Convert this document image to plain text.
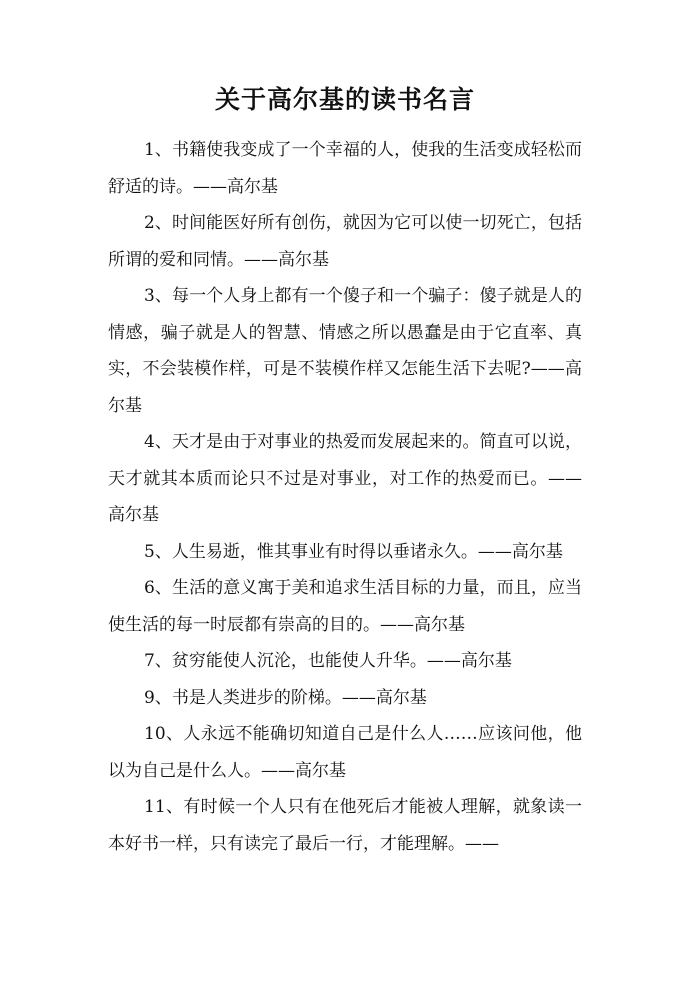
关于高尔基的读书名言

1、书籍使我变成了一个幸福的人，使我的生活变成轻松而舒适的诗。——高尔基

2、时间能医好所有创伤，就因为它可以使一切死亡，包括所谓的爱和同情。——高尔基

3、每一个人身上都有一个傻子和一个骗子：傻子就是人的情感，骗子就是人的智慧、情感之所以愚蠢是由于它直率、真实，不会装模作样，可是不装模作样又怎能生活下去呢?——高尔基

4、天才是由于对事业的热爱而发展起来的。简直可以说，天才就其本质而论只不过是对事业，对工作的热爱而已。——高尔基

5、人生易逝，惟其事业有时得以垂诸永久。——高尔基

6、生活的意义寓于美和追求生活目标的力量，而且，应当使生活的每一时辰都有崇高的目的。——高尔基

7、贫穷能使人沉沦，也能使人升华。——高尔基

9、书是人类进步的阶梯。——高尔基

10、人永远不能确切知道自己是什么人……应该问他，他以为自己是什么人。——高尔基

11、有时候一个人只有在他死后才能被人理解，就象读一本好书一样，只有读完了最后一行，才能理解。——
